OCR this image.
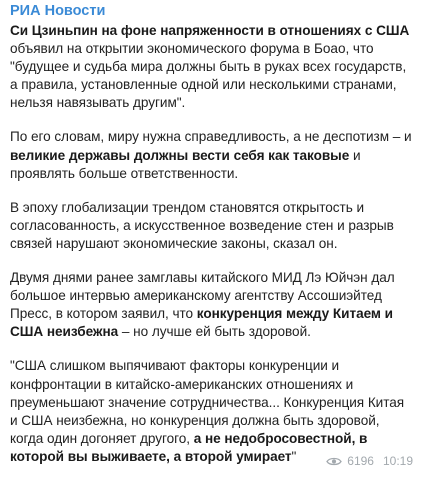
РИА Новости

Си Цзиньпин на фоне напряженности в отношениях с США объявил на открытии экономического форума в Боао, что "будущее и судьба мира должны быть в руках всех государств, а правила, установленные одной или несколькими странами, нельзя навязывать другим".

По его словам, миру нужна справедливость, а не деспотизм – и великие державы должны вести себя как таковые и проявлять больше ответственности.

В эпоху глобализации трендом становятся открытость и согласованность, а искусственное возведение стен и разрыв связей нарушают экономические законы, сказал он.

Двумя днями ранее замглавы китайского МИД Лэ Юйчэн дал большое интервью американскому агентству Ассошиэйтед Пресс, в котором заявил, что конкуренция между Китаем и США неизбежна – но лучше ей быть здоровой.

"США слишком выпячивают факторы конкуренции и конфронтации в китайско-американских отношениях и преуменьшают значение сотрудничества... Конкуренция Китая и США неизбежна, но конкуренция должна быть здоровой, когда один догоняет другого, а не недобросовестной, в которой вы выживаете, а второй умирает"	6196 10:19
